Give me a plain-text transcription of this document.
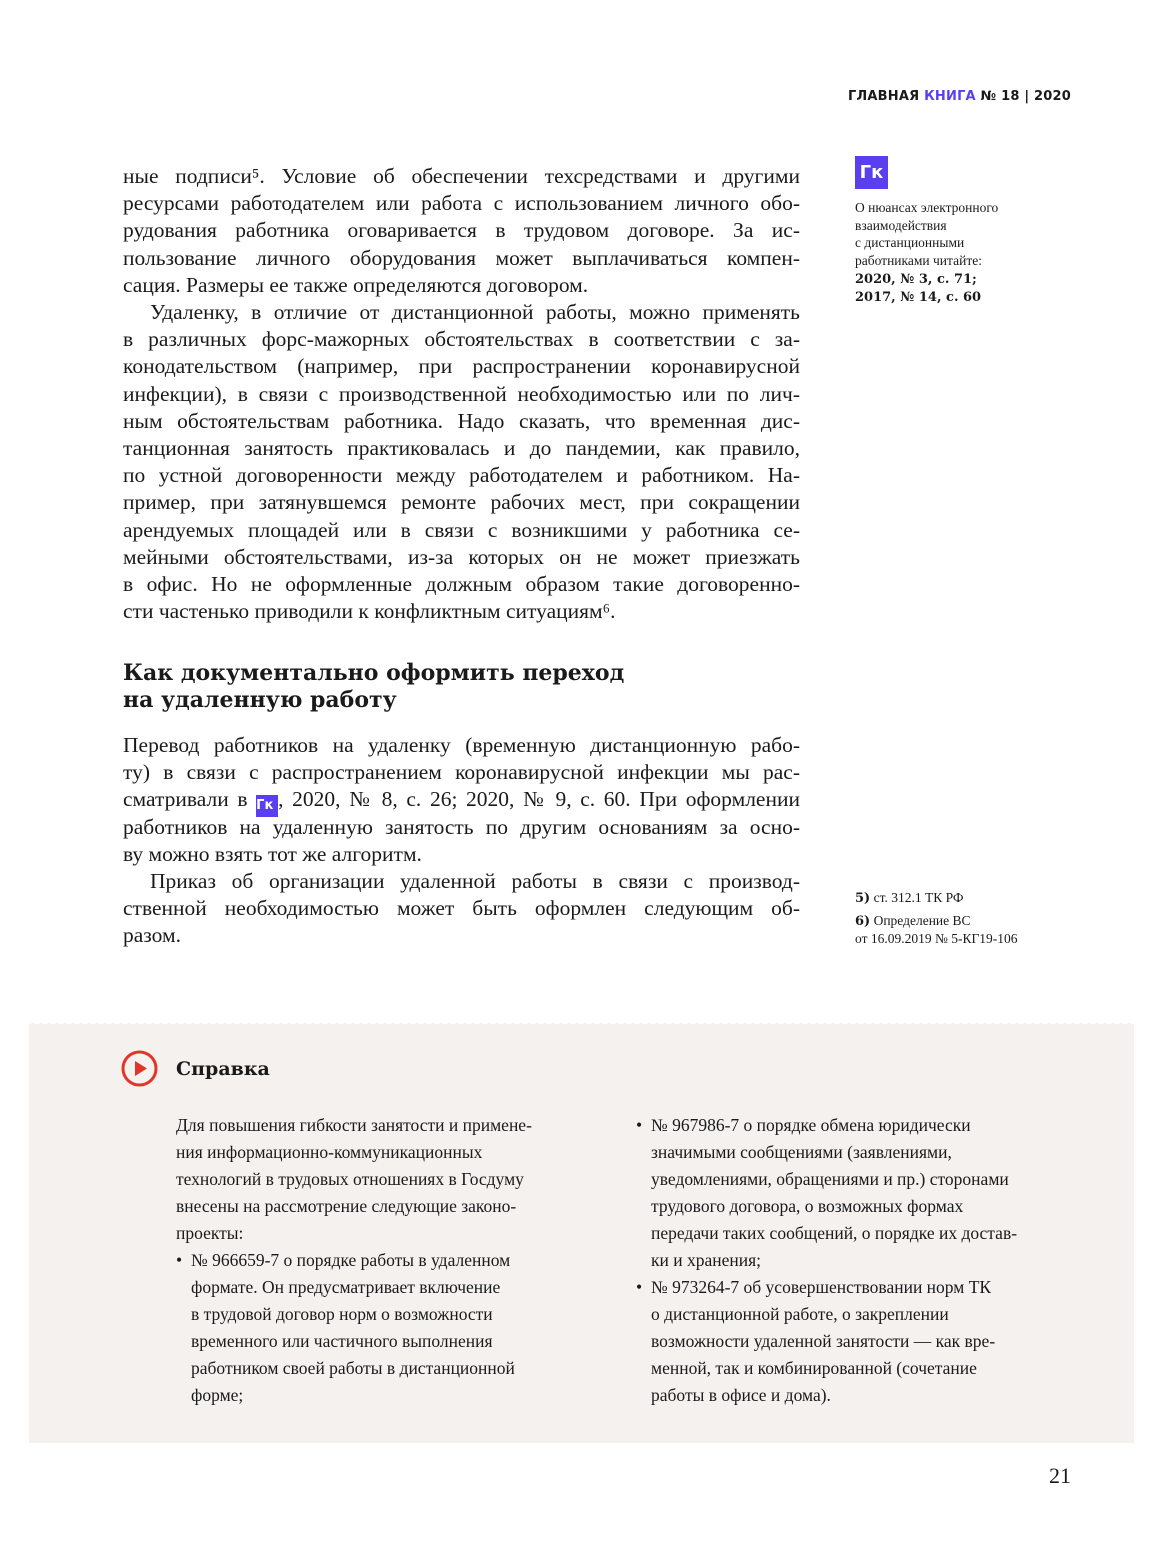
ГЛАВНАЯ КНИГА № 18 | 2020
ные подписи⁵. Условие об обеспечении техсредствами и другими
ресурсами работодателем или работа с использованием личного обо-
рудования работника оговаривается в трудовом договоре. За ис-
пользование личного оборудования может выплачиваться компен-
сация. Размеры ее также определяются договором.
Удаленку, в отличие от дистанционной работы, можно применять
в различных форс-мажорных обстоятельствах в соответствии с за-
конодательством (например, при распространении коронавирусной
инфекции), в связи с производственной необходимостью или по лич-
ным обстоятельствам работника. Надо сказать, что временная дис-
танционная занятость практиковалась и до пандемии, как правило,
по устной договоренности между работодателем и работником. На-
пример, при затянувшемся ремонте рабочих мест, при сокращении
арендуемых площадей или в связи с возникшими у работника се-
мейными обстоятельствами, из-за которых он не может приезжать
в офис. Но не оформленные должным образом такие договоренно-
сти частенько приводили к конфликтным ситуациям⁶.
Как документально оформить переход
на удаленную работу
Перевод работников на удаленку (временную дистанционную рабо-
ту) в связи с распространением коронавирусной инфекции мы рас-
сматривали в Гк , 2020, № 8, с. 26; 2020, № 9, с. 60. При оформлении
работников на удаленную занятость по другим основаниям за осно-
ву можно взять тот же алгоритм.
Приказ об организации удаленной работы в связи с производ-
ственной необходимостью может быть оформлен следующим об-
разом.
Гк
О нюансах электронного
взаимодействия
с дистанционными
работниками читайте:
2020, № 3, с. 71;
2017, № 14, с. 60
5) ст. 312.1 ТК РФ
6) Определение ВС
от 16.09.2019 № 5-КГ19-106
Справка
Для повышения гибкости занятости и примене-
ния информационно-коммуникационных
технологий в трудовых отношениях в Госдуму
внесены на рассмотрение следующие законо-
проекты:
• № 966659-7 о порядке работы в удаленном
формате. Он предусматривает включение
в трудовой договор норм о возможности
временного или частичного выполнения
работником своей работы в дистанционной
форме;
• № 967986-7 о порядке обмена юридически
значимыми сообщениями (заявлениями,
уведомлениями, обращениями и пр.) сторонами
трудового договора, о возможных формах
передачи таких сообщений, о порядке их достав-
ки и хранения;
• № 973264-7 об усовершенствовании норм ТК
о дистанционной работе, о закреплении
возможности удаленной занятости — как вре-
менной, так и комбинированной (сочетание
работы в офисе и дома).
21
